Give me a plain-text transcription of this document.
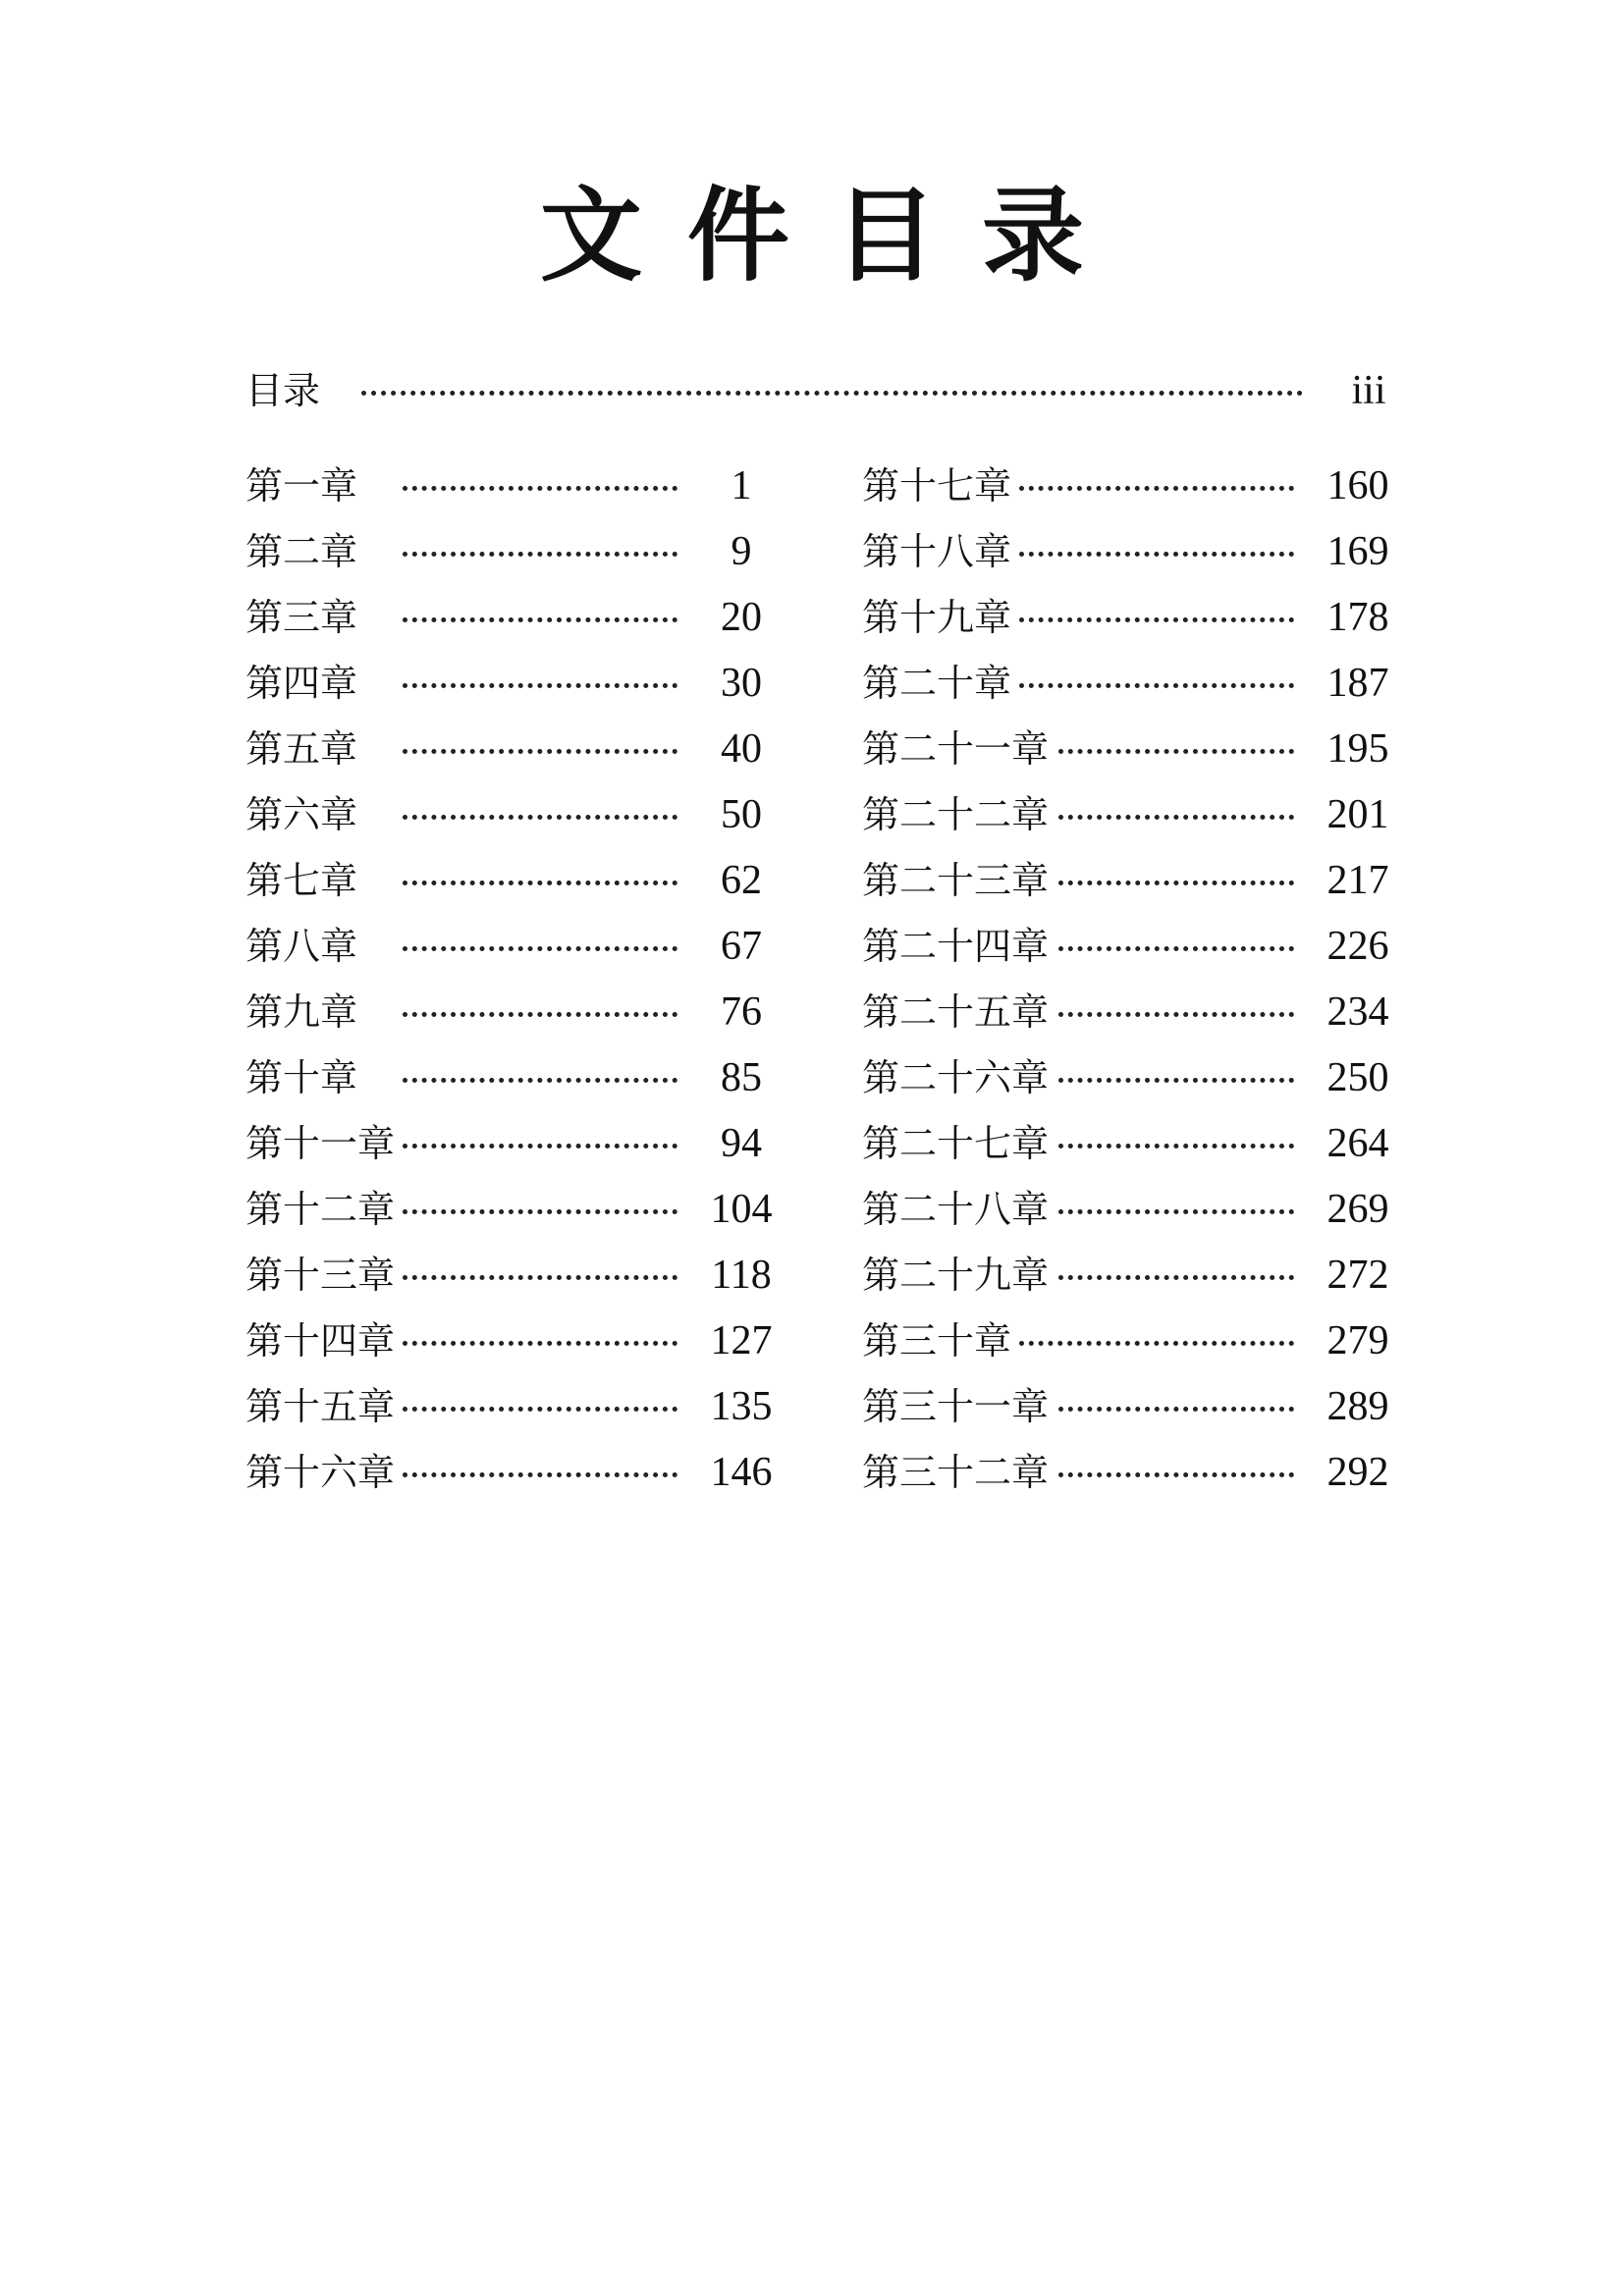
文件目录
目录	iii
第一章	1
第二章	9
第三章	20
第四章	30
第五章	40
第六章	50
第七章	62
第八章	67
第九章	76
第十章	85
第十一章	94
第十二章	104
第十三章	118
第十四章	127
第十五章	135
第十六章	146
第十七章	160
第十八章	169
第十九章	178
第二十章	187
第二十一章	195
第二十二章	201
第二十三章	217
第二十四章	226
第二十五章	234
第二十六章	250
第二十七章	264
第二十八章	269
第二十九章	272
第三十章	279
第三十一章	289
第三十二章	292
